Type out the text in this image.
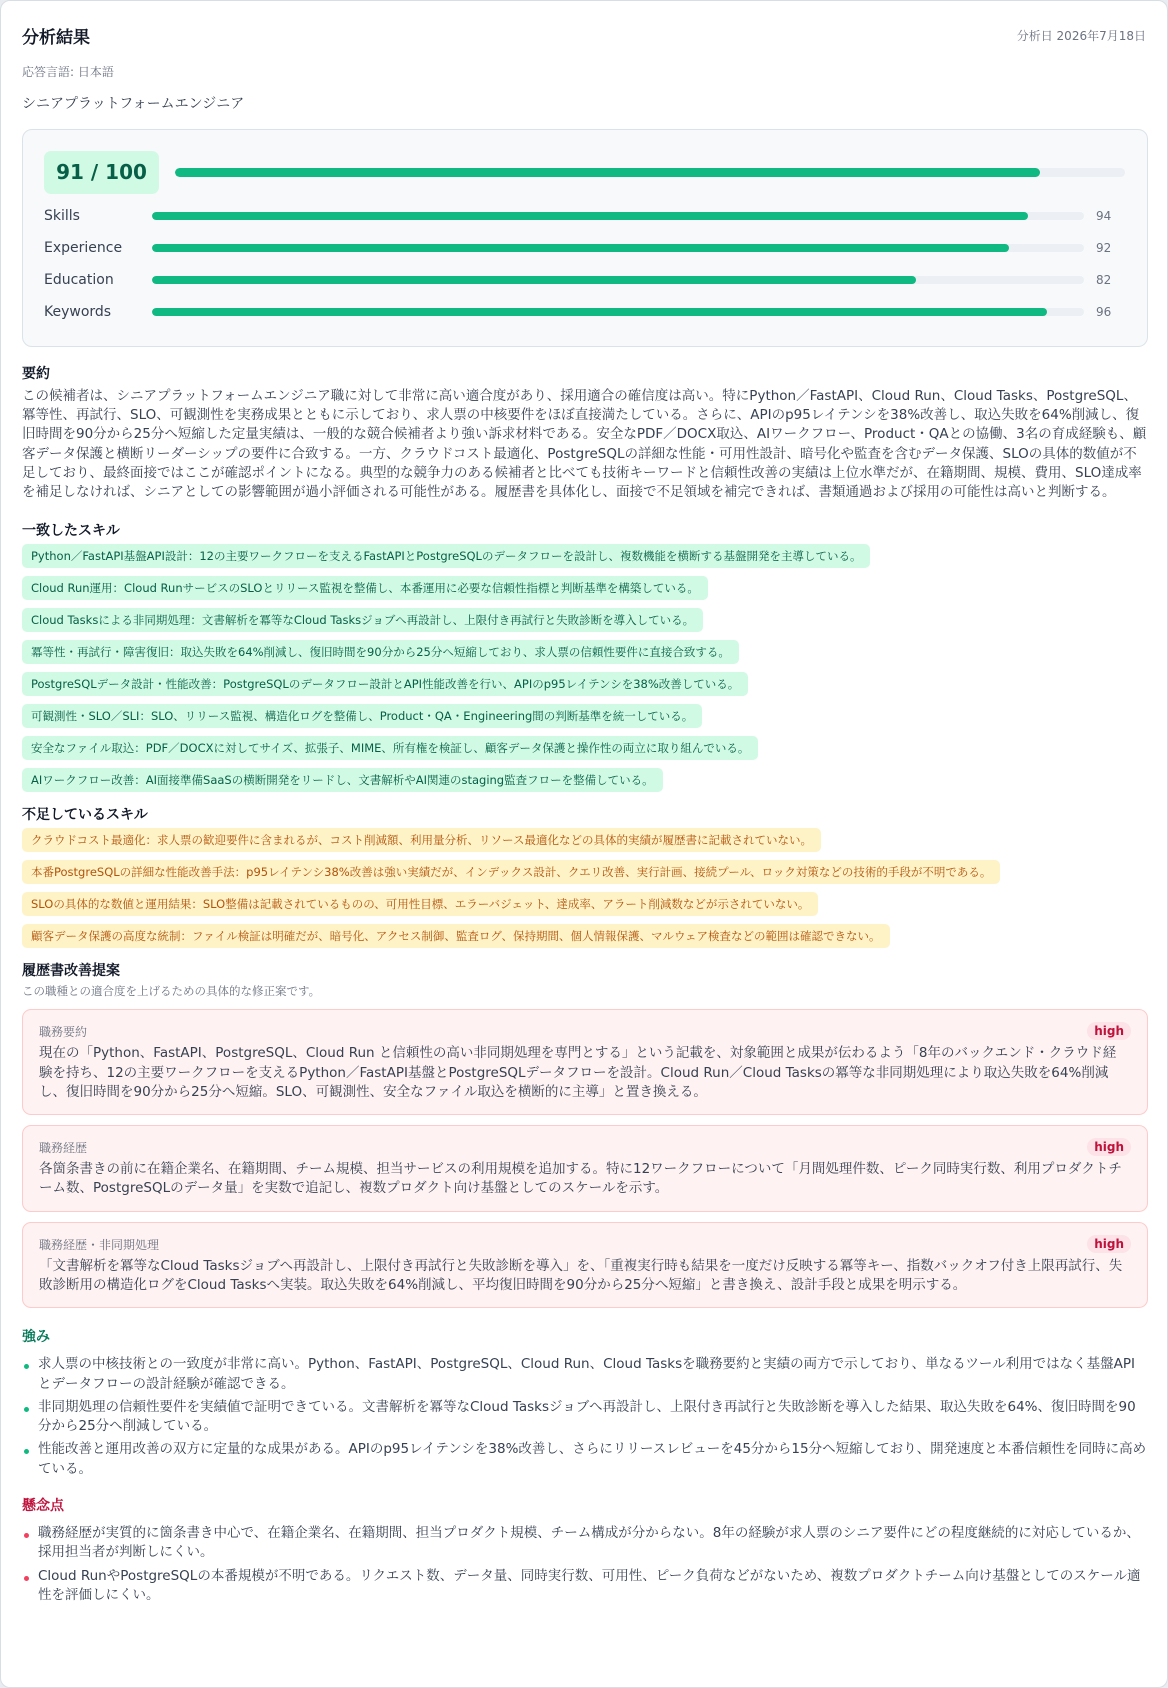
分析結果	分析日 2026年7月18日
応答言語: 日本語
シニアプラットフォームエンジニア
91 / 100
Skills	94
Experience	92
Education	82
Keywords	96
要約
この候補者は、シニアプラットフォームエンジニア職に対して非常に高い適合度があり、採用適合の確信度は高い。特にPython／FastAPI、Cloud Run、Cloud Tasks、PostgreSQL、冪等性、再試行、SLO、可観測性を実務成果とともに示しており、求人票の中核要件をほぼ直接満たしている。さらに、APIのp95レイテンシを38%改善し、取込失敗を64%削減し、復旧時間を90分から25分へ短縮した定量実績は、一般的な競合候補者より強い訴求材料である。安全なPDF／DOCX取込、AIワークフロー、Product・QAとの協働、3名の育成経験も、顧客データ保護と横断リーダーシップの要件に合致する。一方、クラウドコスト最適化、PostgreSQLの詳細な性能・可用性設計、暗号化や監査を含むデータ保護、SLOの具体的数値が不足しており、最終面接ではここが確認ポイントになる。典型的な競争力のある候補者と比べても技術キーワードと信頼性改善の実績は上位水準だが、在籍期間、規模、費用、SLO達成率を補足しなければ、シニアとしての影響範囲が過小評価される可能性がある。履歴書を具体化し、面接で不足領域を補完できれば、書類通過および採用の可能性は高いと判断する。
一致したスキル
Python／FastAPI基盤API設計：12の主要ワークフローを支えるFastAPIとPostgreSQLのデータフローを設計し、複数機能を横断する基盤開発を主導している。
Cloud Run運用：Cloud RunサービスのSLOとリリース監視を整備し、本番運用に必要な信頼性指標と判断基準を構築している。
Cloud Tasksによる非同期処理：文書解析を冪等なCloud Tasksジョブへ再設計し、上限付き再試行と失敗診断を導入している。
冪等性・再試行・障害復旧：取込失敗を64%削減し、復旧時間を90分から25分へ短縮しており、求人票の信頼性要件に直接合致する。
PostgreSQLデータ設計・性能改善：PostgreSQLのデータフロー設計とAPI性能改善を行い、APIのp95レイテンシを38%改善している。
可観測性・SLO／SLI：SLO、リリース監視、構造化ログを整備し、Product・QA・Engineering間の判断基準を統一している。
安全なファイル取込：PDF／DOCXに対してサイズ、拡張子、MIME、所有権を検証し、顧客データ保護と操作性の両立に取り組んでいる。
AIワークフロー改善：AI面接準備SaaSの横断開発をリードし、文書解析やAI関連のstaging監査フローを整備している。
不足しているスキル
クラウドコスト最適化：求人票の歓迎要件に含まれるが、コスト削減額、利用量分析、リソース最適化などの具体的実績が履歴書に記載されていない。
本番PostgreSQLの詳細な性能改善手法：p95レイテンシ38%改善は強い実績だが、インデックス設計、クエリ改善、実行計画、接続プール、ロック対策などの技術的手段が不明である。
SLOの具体的な数値と運用結果：SLO整備は記載されているものの、可用性目標、エラーバジェット、達成率、アラート削減数などが示されていない。
顧客データ保護の高度な統制：ファイル検証は明確だが、暗号化、アクセス制御、監査ログ、保持期間、個人情報保護、マルウェア検査などの範囲は確認できない。
履歴書改善提案
この職種との適合度を上げるための具体的な修正案です。
職務要約	high
現在の「Python、FastAPI、PostgreSQL、Cloud Run と信頼性の高い非同期処理を専門とする」という記載を、対象範囲と成果が伝わるよう「8年のバックエンド・クラウド経験を持ち、12の主要ワークフローを支えるPython／FastAPI基盤とPostgreSQLデータフローを設計。Cloud Run／Cloud Tasksの冪等な非同期処理により取込失敗を64%削減し、復旧時間を90分から25分へ短縮。SLO、可観測性、安全なファイル取込を横断的に主導」と置き換える。
職務経歴	high
各箇条書きの前に在籍企業名、在籍期間、チーム規模、担当サービスの利用規模を追加する。特に12ワークフローについて「月間処理件数、ピーク同時実行数、利用プロダクトチーム数、PostgreSQLのデータ量」を実数で追記し、複数プロダクト向け基盤としてのスケールを示す。
職務経歴・非同期処理	high
「文書解析を冪等なCloud Tasksジョブへ再設計し、上限付き再試行と失敗診断を導入」を、「重複実行時も結果を一度だけ反映する冪等キー、指数バックオフ付き上限再試行、失敗診断用の構造化ログをCloud Tasksへ実装。取込失敗を64%削減し、平均復旧時間を90分から25分へ短縮」と書き換え、設計手段と成果を明示する。
強み
求人票の中核技術との一致度が非常に高い。Python、FastAPI、PostgreSQL、Cloud Run、Cloud Tasksを職務要約と実績の両方で示しており、単なるツール利用ではなく基盤APIとデータフローの設計経験が確認できる。
非同期処理の信頼性要件を実績値で証明できている。文書解析を冪等なCloud Tasksジョブへ再設計し、上限付き再試行と失敗診断を導入した結果、取込失敗を64%、復旧時間を90分から25分へ削減している。
性能改善と運用改善の双方に定量的な成果がある。APIのp95レイテンシを38%改善し、さらにリリースレビューを45分から15分へ短縮しており、開発速度と本番信頼性を同時に高めている。
懸念点
職務経歴が実質的に箇条書き中心で、在籍企業名、在籍期間、担当プロダクト規模、チーム構成が分からない。8年の経験が求人票のシニア要件にどの程度継続的に対応しているか、採用担当者が判断しにくい。
Cloud RunやPostgreSQLの本番規模が不明である。リクエスト数、データ量、同時実行数、可用性、ピーク負荷などがないため、複数プロダクトチーム向け基盤としてのスケール適性を評価しにくい。
